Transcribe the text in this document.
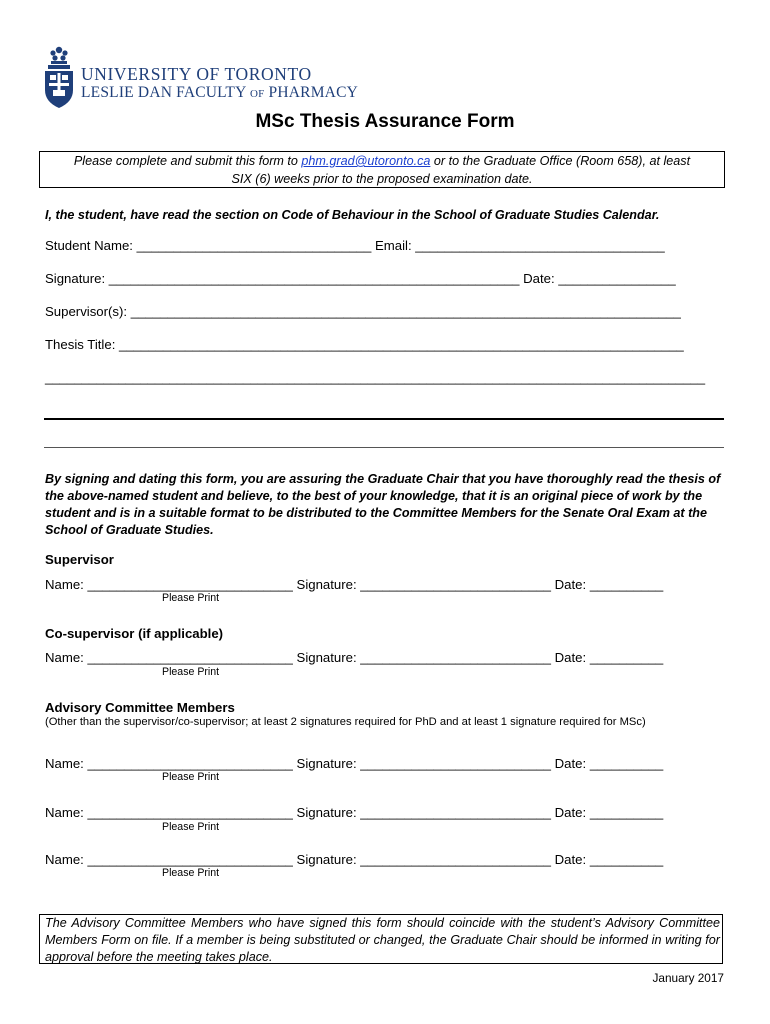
UNIVERSITY OF TORONTO
LESLIE DAN FACULTY OF PHARMACY
MSc Thesis Assurance Form
Please complete and submit this form to phm.grad@utoronto.ca or to the Graduate Office (Room 658), at least
SIX (6) weeks prior to the proposed examination date.
I, the student, have read the section on Code of Behaviour in the School of Graduate Studies Calendar.
Student Name: ________________________________ Email: __________________________________
Signature: ________________________________________________________ Date: ________________
Supervisor(s): ___________________________________________________________________________
Thesis Title: _____________________________________________________________________________
__________________________________________________________________________________________
By signing and dating this form, you are assuring the Graduate Chair that you have thoroughly read the thesis of the above-named student and believe, to the best of your knowledge, that it is an original piece of work by the student and is in a suitable format to be distributed to the Committee Members for the Senate Oral Exam at the School of Graduate Studies.
Supervisor
Name: ____________________________ Signature: __________________________ Date: __________
Please Print
Co-supervisor (if applicable)
Name: ____________________________ Signature: __________________________ Date: __________
Please Print
Advisory Committee Members
(Other than the supervisor/co-supervisor; at least 2 signatures required for PhD and at least 1 signature required for MSc)
Name: ____________________________ Signature: __________________________ Date: __________
Please Print
Name: ____________________________ Signature: __________________________ Date: __________
Please Print
Name: ____________________________ Signature: __________________________ Date: __________
Please Print
The Advisory Committee Members who have signed this form should coincide with the student’s Advisory Committee Members Form on file. If a member is being substituted or changed, the Graduate Chair should be informed in writing for approval before the meeting takes place.
January 2017
